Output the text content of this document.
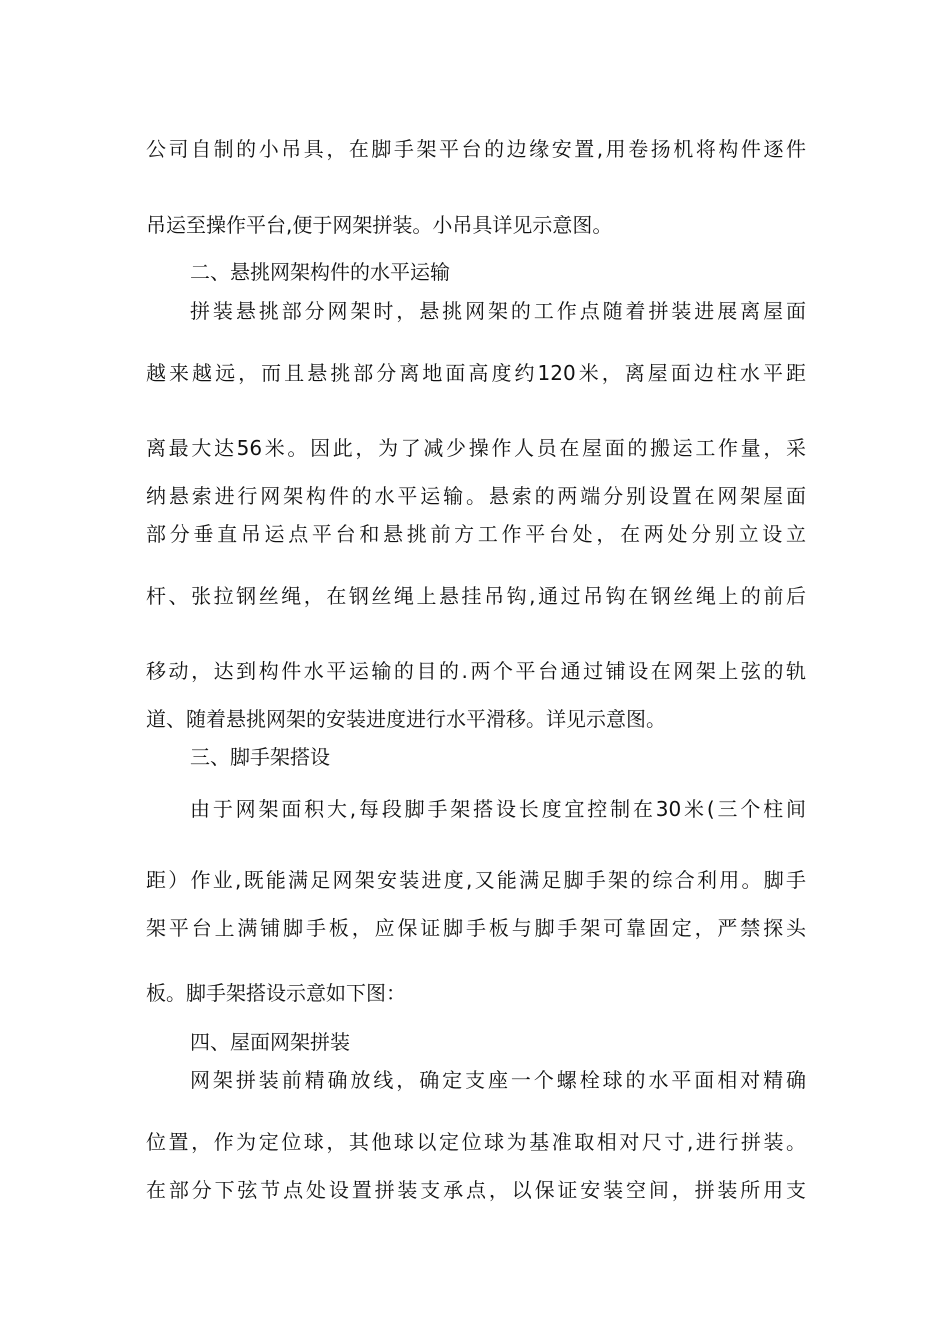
公司自制的小吊具，在脚手架平台的边缘安置,用卷扬机将构件逐件
吊运至操作平台,便于网架拼装。小吊具详见示意图。
二、悬挑网架构件的水平运输
拼装悬挑部分网架时，悬挑网架的工作点随着拼装进展离屋面
越来越远，而且悬挑部分离地面高度约120米，离屋面边柱水平距
离最大达56米。因此，为了减少操作人员在屋面的搬运工作量，采
纳悬索进行网架构件的水平运输。悬索的两端分别设置在网架屋面
部分垂直吊运点平台和悬挑前方工作平台处，在两处分别立设立
杆、张拉钢丝绳，在钢丝绳上悬挂吊钩,通过吊钩在钢丝绳上的前后
移动，达到构件水平运输的目的.两个平台通过铺设在网架上弦的轨
道、随着悬挑网架的安装进度进行水平滑移。详见示意图。
三、脚手架搭设
由于网架面积大,每段脚手架搭设长度宜控制在30米(三个柱间
距）作业,既能满足网架安装进度,又能满足脚手架的综合利用。脚手
架平台上满铺脚手板，应保证脚手板与脚手架可靠固定，严禁探头
板。脚手架搭设示意如下图：
四、屋面网架拼装
网架拼装前精确放线，确定支座一个螺栓球的水平面相对精确
位置，作为定位球，其他球以定位球为基准取相对尺寸,进行拼装。
在部分下弦节点处设置拼装支承点，以保证安装空间，拼装所用支
